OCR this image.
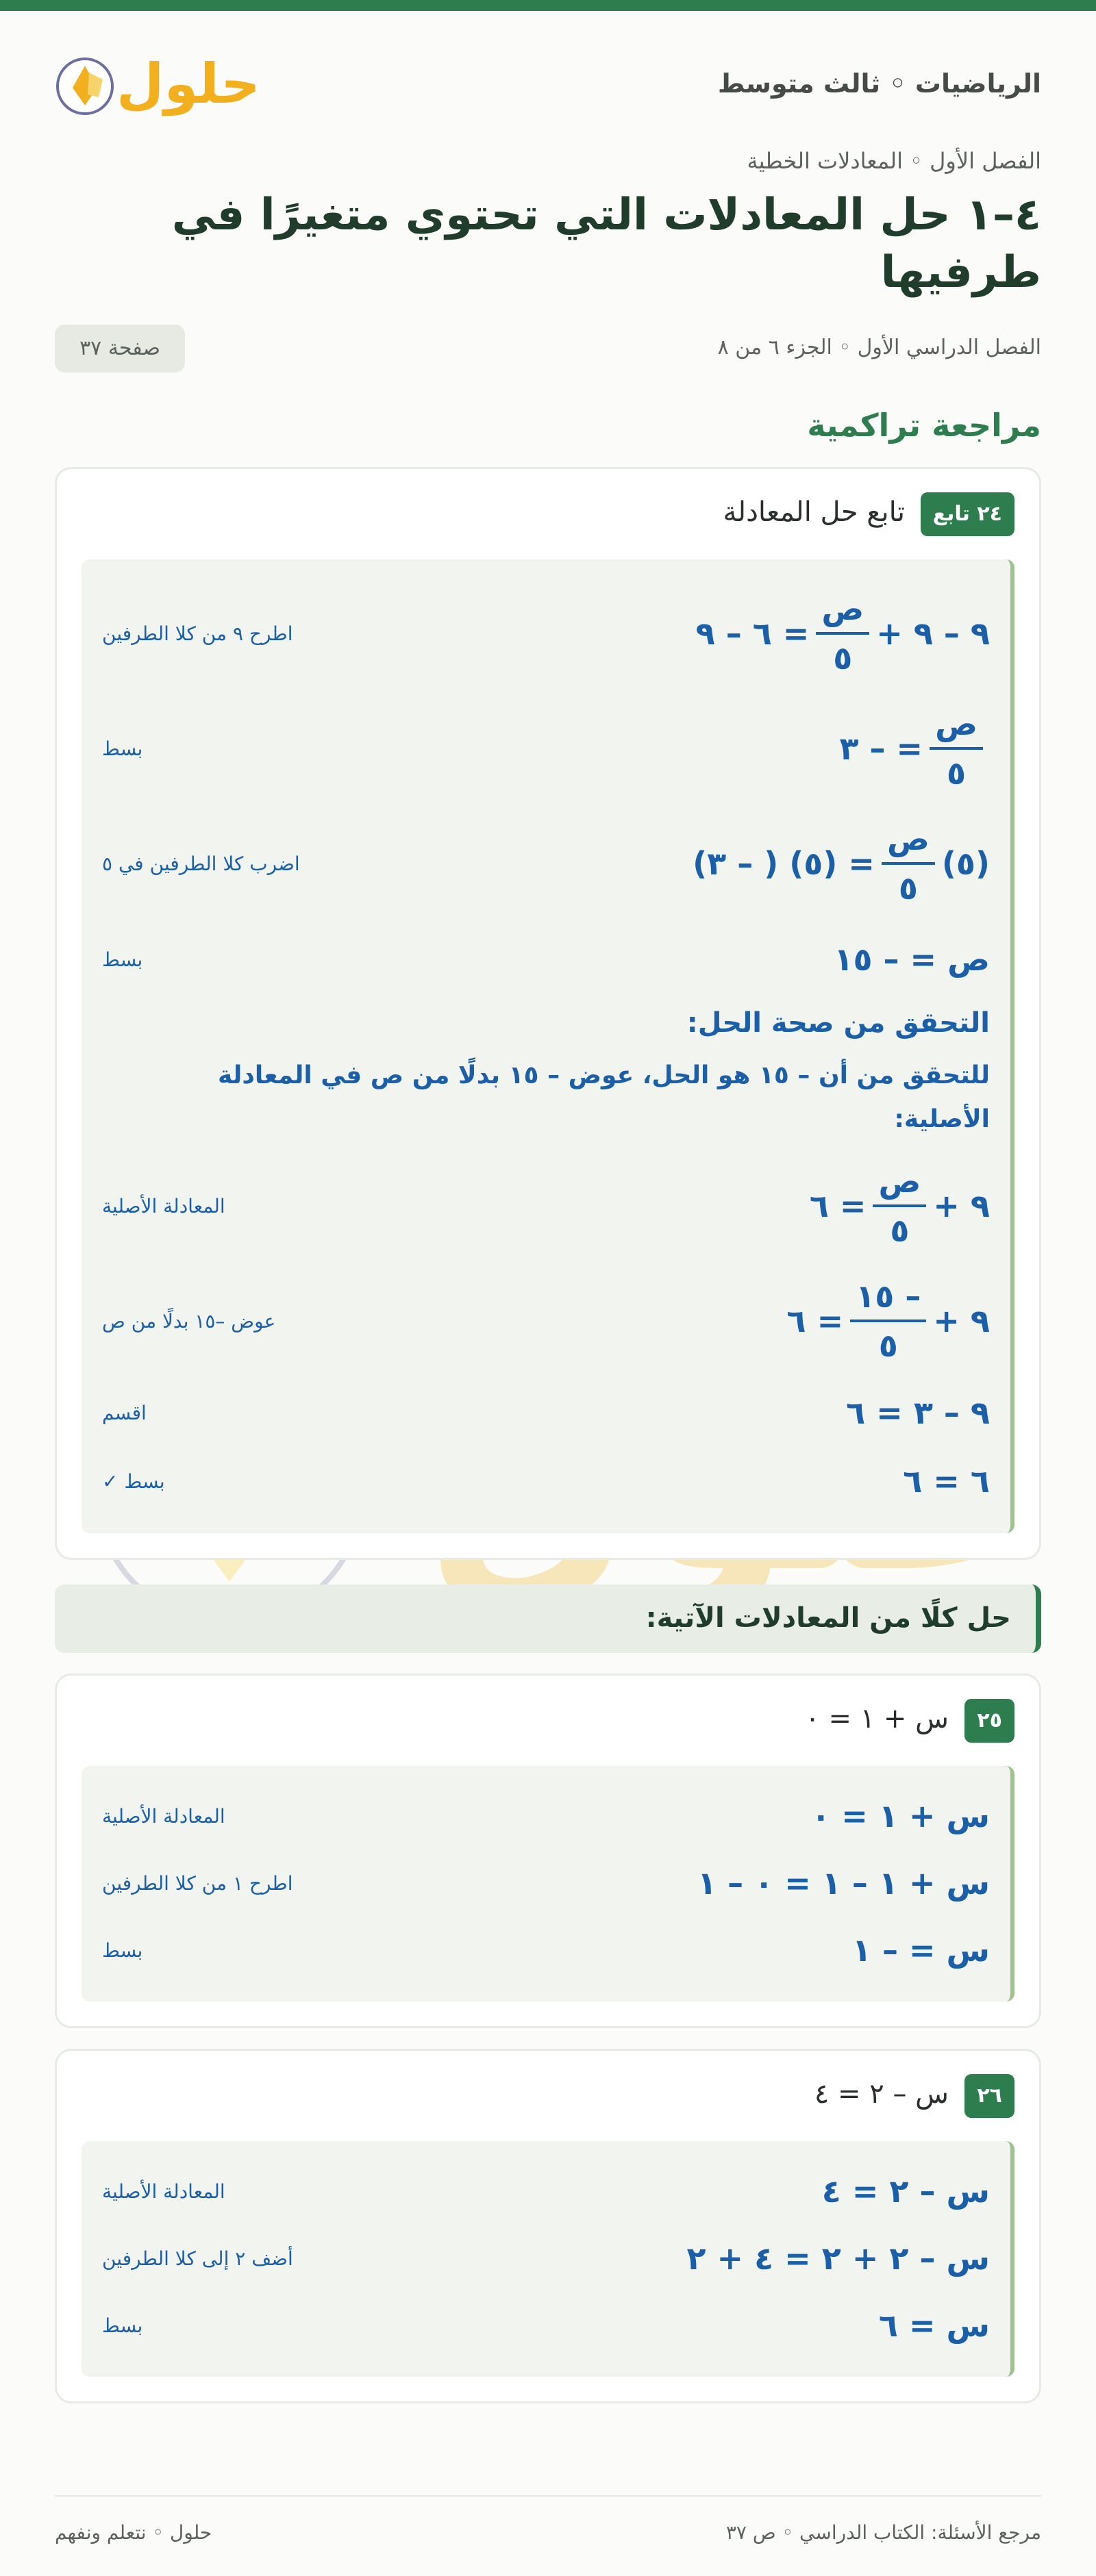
الرياضيات ◦ ثالث متوسط
حلول
الفصل الأول ◦ المعادلات الخطية
٤–١ حل المعادلات التي تحتوي متغيرًا في طرفيها
الفصل الدراسي الأول ◦ الجزء ٦ من ٨
صفحة ٣٧
مراجعة تراكمية
٢٤ تابع
تابع حل المعادلة
٩ – ٩ +
$\frac{\text{ص}}{٥}$
= ٦ – ٩
اطرح ٩ من كلا الطرفين
$\frac{\text{ص}}{٥}$
= – ٣
بسط
(٥)
$\frac{\text{ص}}{٥}$
= (٥) ( – ٣)
اضرب كلا الطرفين في ٥
ص = – ١٥
بسط
التحقق من صحة الحل:
للتحقق من أن – ١٥ هو الحل، عوض – ١٥ بدلًا من ص في المعادلة الأصلية:
٩ +
$\frac{\text{ص}}{٥}$
= ٦
المعادلة الأصلية
٩ +
$\frac{- ١٥}{٥}$
= ٦
عوض –١٥ بدلًا من ص
٩ – ٣ = ٦
اقسم
٦ = ٦
بسط ✓
حل كلًا من المعادلات الآتية:
٢٥
س + ١ = ٠
س + ١ = ٠
المعادلة الأصلية
س + ١ – ١ = ٠ – ١
اطرح ١ من كلا الطرفين
س = – ١
بسط
٢٦
س – ٢ = ٤
س – ٢ = ٤
المعادلة الأصلية
س – ٢ + ٢ = ٤ + ٢
أضف ٢ إلى كلا الطرفين
س = ٦
بسط
مرجع الأسئلة: الكتاب الدراسي ◦ ص ٣٧
حلول ◦ نتعلم ونفهم
